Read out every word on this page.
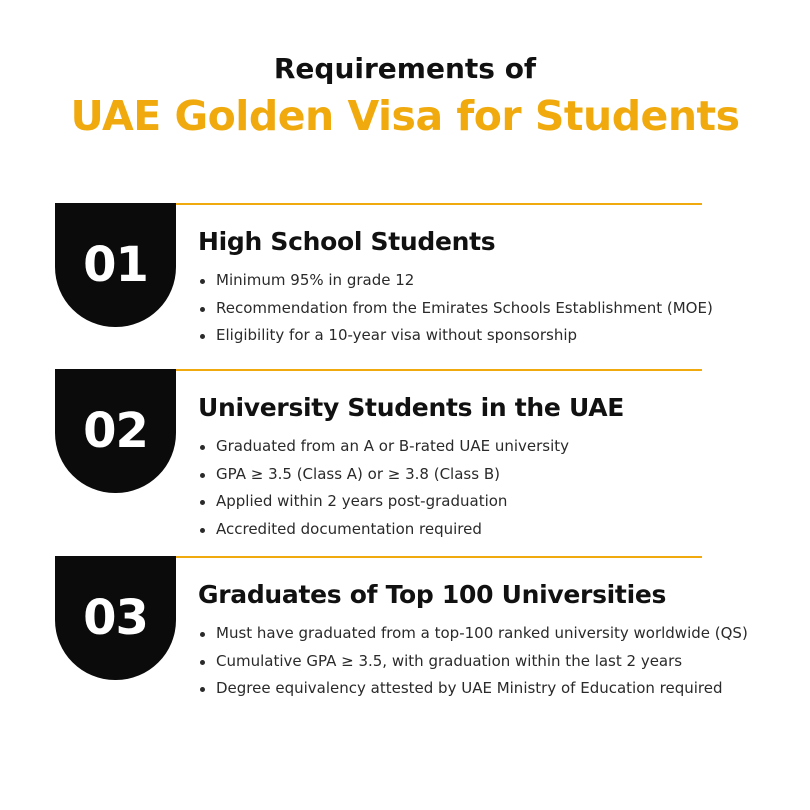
Requirements of
UAE Golden Visa for Students
01	High School Students
Minimum 95% in grade 12
Recommendation from the Emirates Schools Establishment (MOE)
Eligibility for a 10-year visa without sponsorship
02	University Students in the UAE
Graduated from an A or B-rated UAE university
GPA ≥ 3.5 (Class A) or ≥ 3.8 (Class B)
Applied within 2 years post-graduation
Accredited documentation required
03	Graduates of Top 100 Universities
Must have graduated from a top-100 ranked university worldwide (QS)
Cumulative GPA ≥ 3.5, with graduation within the last 2 years
Degree equivalency attested by UAE Ministry of Education required
